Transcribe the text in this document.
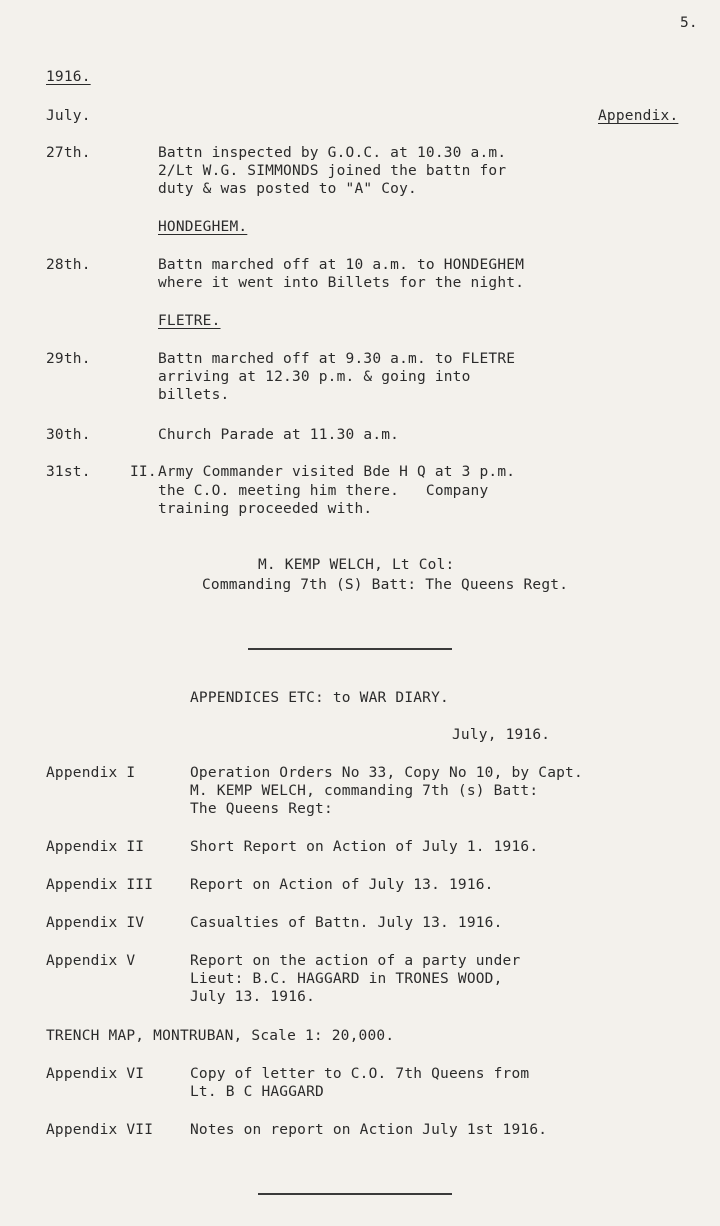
5.
1916.
July.	Appendix.
27th.	Battn inspected by G.O.C. at 10.30 a.m.
2/Lt W.G. SIMMONDS joined the battn for
duty & was posted to "A" Coy.
HONDEGHEM.
28th.	Battn marched off at 10 a.m. to HONDEGHEM
where it went into Billets for the night.
FLETRE.
29th.	Battn marched off at 9.30 a.m. to FLETRE
arriving at 12.30 p.m. & going into
billets.
30th.	Church Parade at 11.30 a.m.
31st.	II. Army Commander visited Bde H Q at 3 p.m.
the C.O. meeting him there.   Company
training proceeded with.
M. KEMP WELCH, Lt Col:
Commanding 7th (S) Batt: The Queens Regt.
APPENDICES ETC: to WAR DIARY.
July, 1916.
Appendix I	Operation Orders No 33, Copy No 10, by Capt.
M. KEMP WELCH, commanding 7th (s) Batt:
The Queens Regt:
Appendix II	Short Report on Action of July 1. 1916.
Appendix III	Report on Action of July 13. 1916.
Appendix IV	Casualties of Battn. July 13. 1916.
Appendix V	Report on the action of a party under
Lieut: B.C. HAGGARD in TRONES WOOD,
July 13. 1916.
TRENCH MAP, MONTRUBAN, Scale 1: 20,000.
Appendix VI	Copy of letter to C.O. 7th Queens from
Lt. B C HAGGARD
Appendix VII	Notes on report on Action July 1st 1916.
